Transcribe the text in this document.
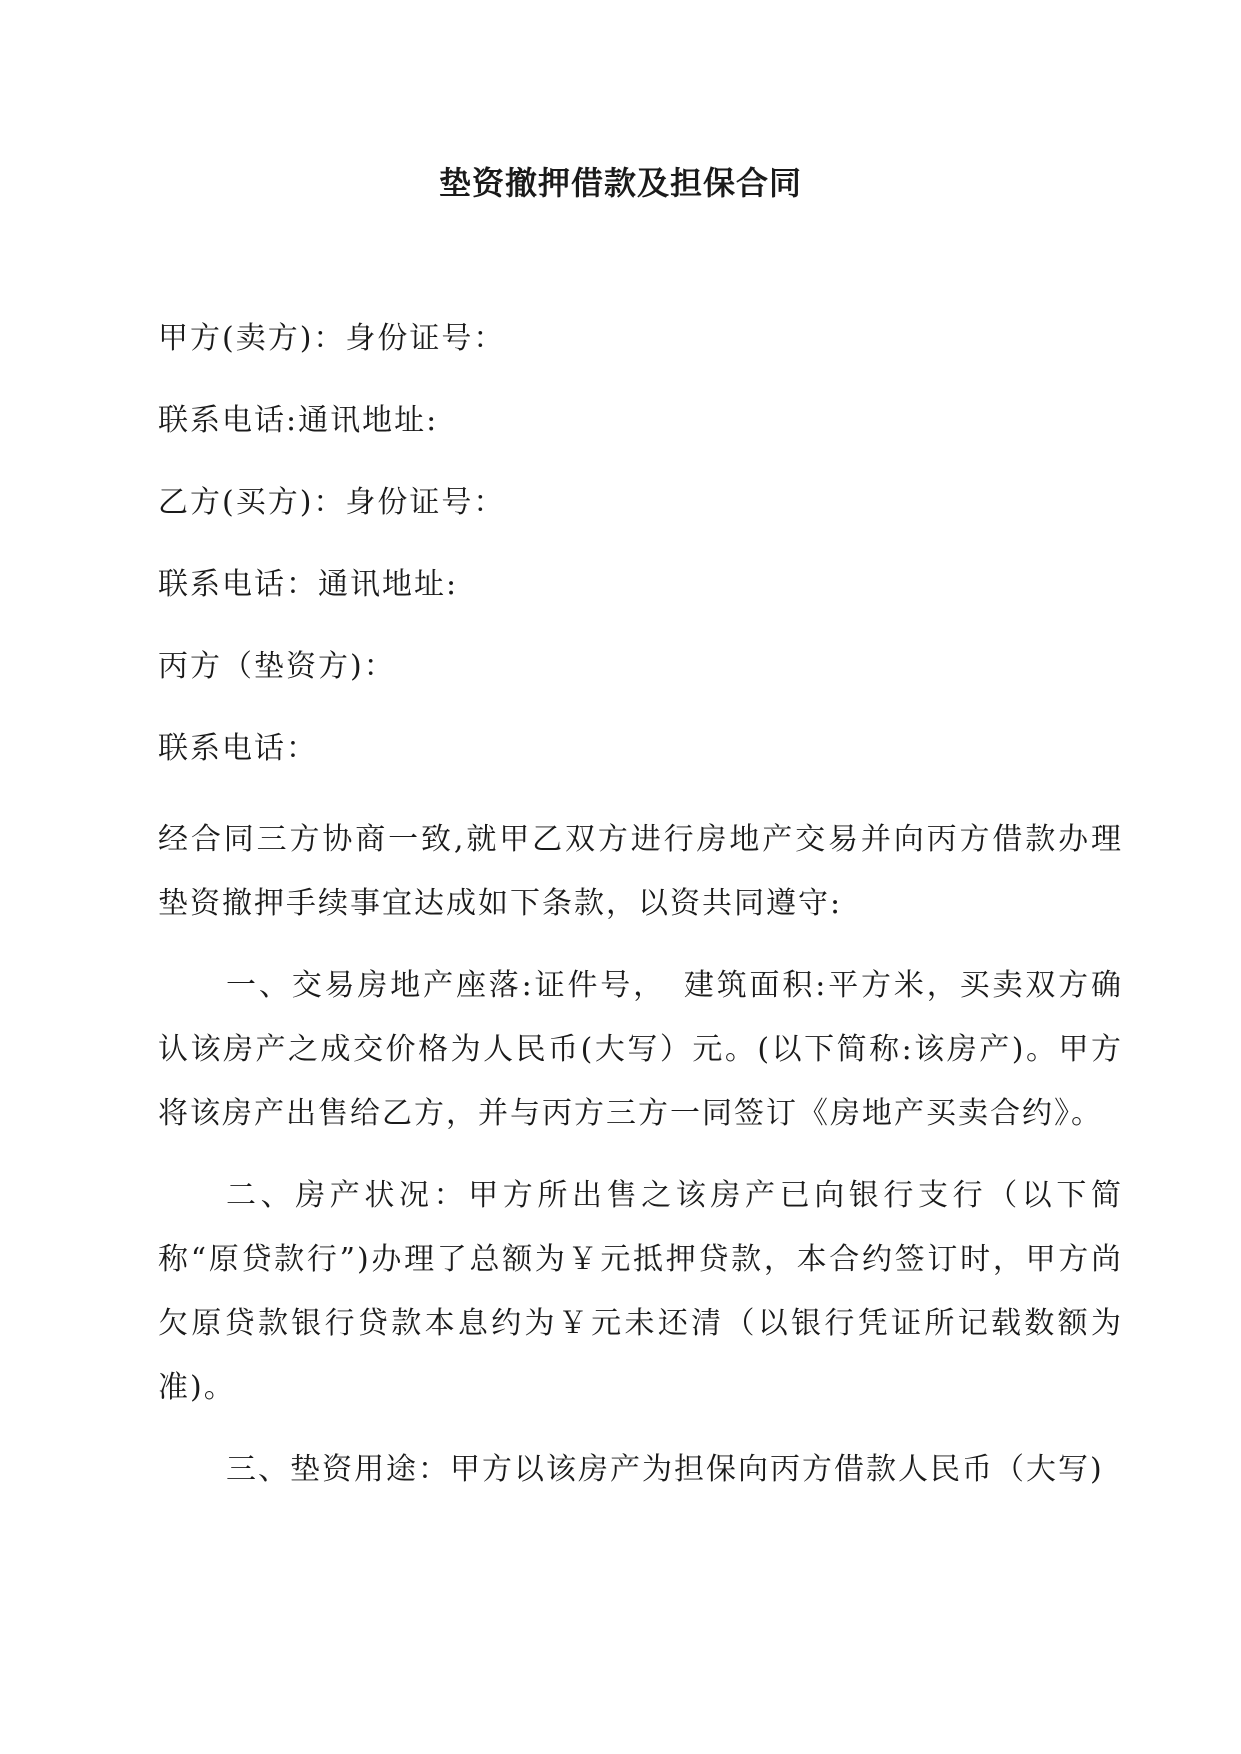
垫资撤押借款及担保合同
甲方(卖方)：身份证号：
联系电话:通讯地址:
乙方(买方)：身份证号：
联系电话：通讯地址:
丙方（垫资方)：
联系电话：

经合同三方协商一致,就甲乙双方进行房地产交易并向丙方借款办理垫资撤押手续事宜达成如下条款，以资共同遵守:

一、交易房地产座落:证件号，　建筑面积:平方米，买卖双方确认该房产之成交价格为人民币(大写）元。(以下简称:该房产)。甲方将该房产出售给乙方，并与丙方三方一同签订《房地产买卖合约》。

二、房产状况：甲方所出售之该房产已向银行支行（以下简称“原贷款行”)办理了总额为￥元抵押贷款，本合约签订时，甲方尚欠原贷款银行贷款本息约为￥元未还清（以银行凭证所记载数额为准)。

三、垫资用途：甲方以该房产为担保向丙方借款人民币（大写)
